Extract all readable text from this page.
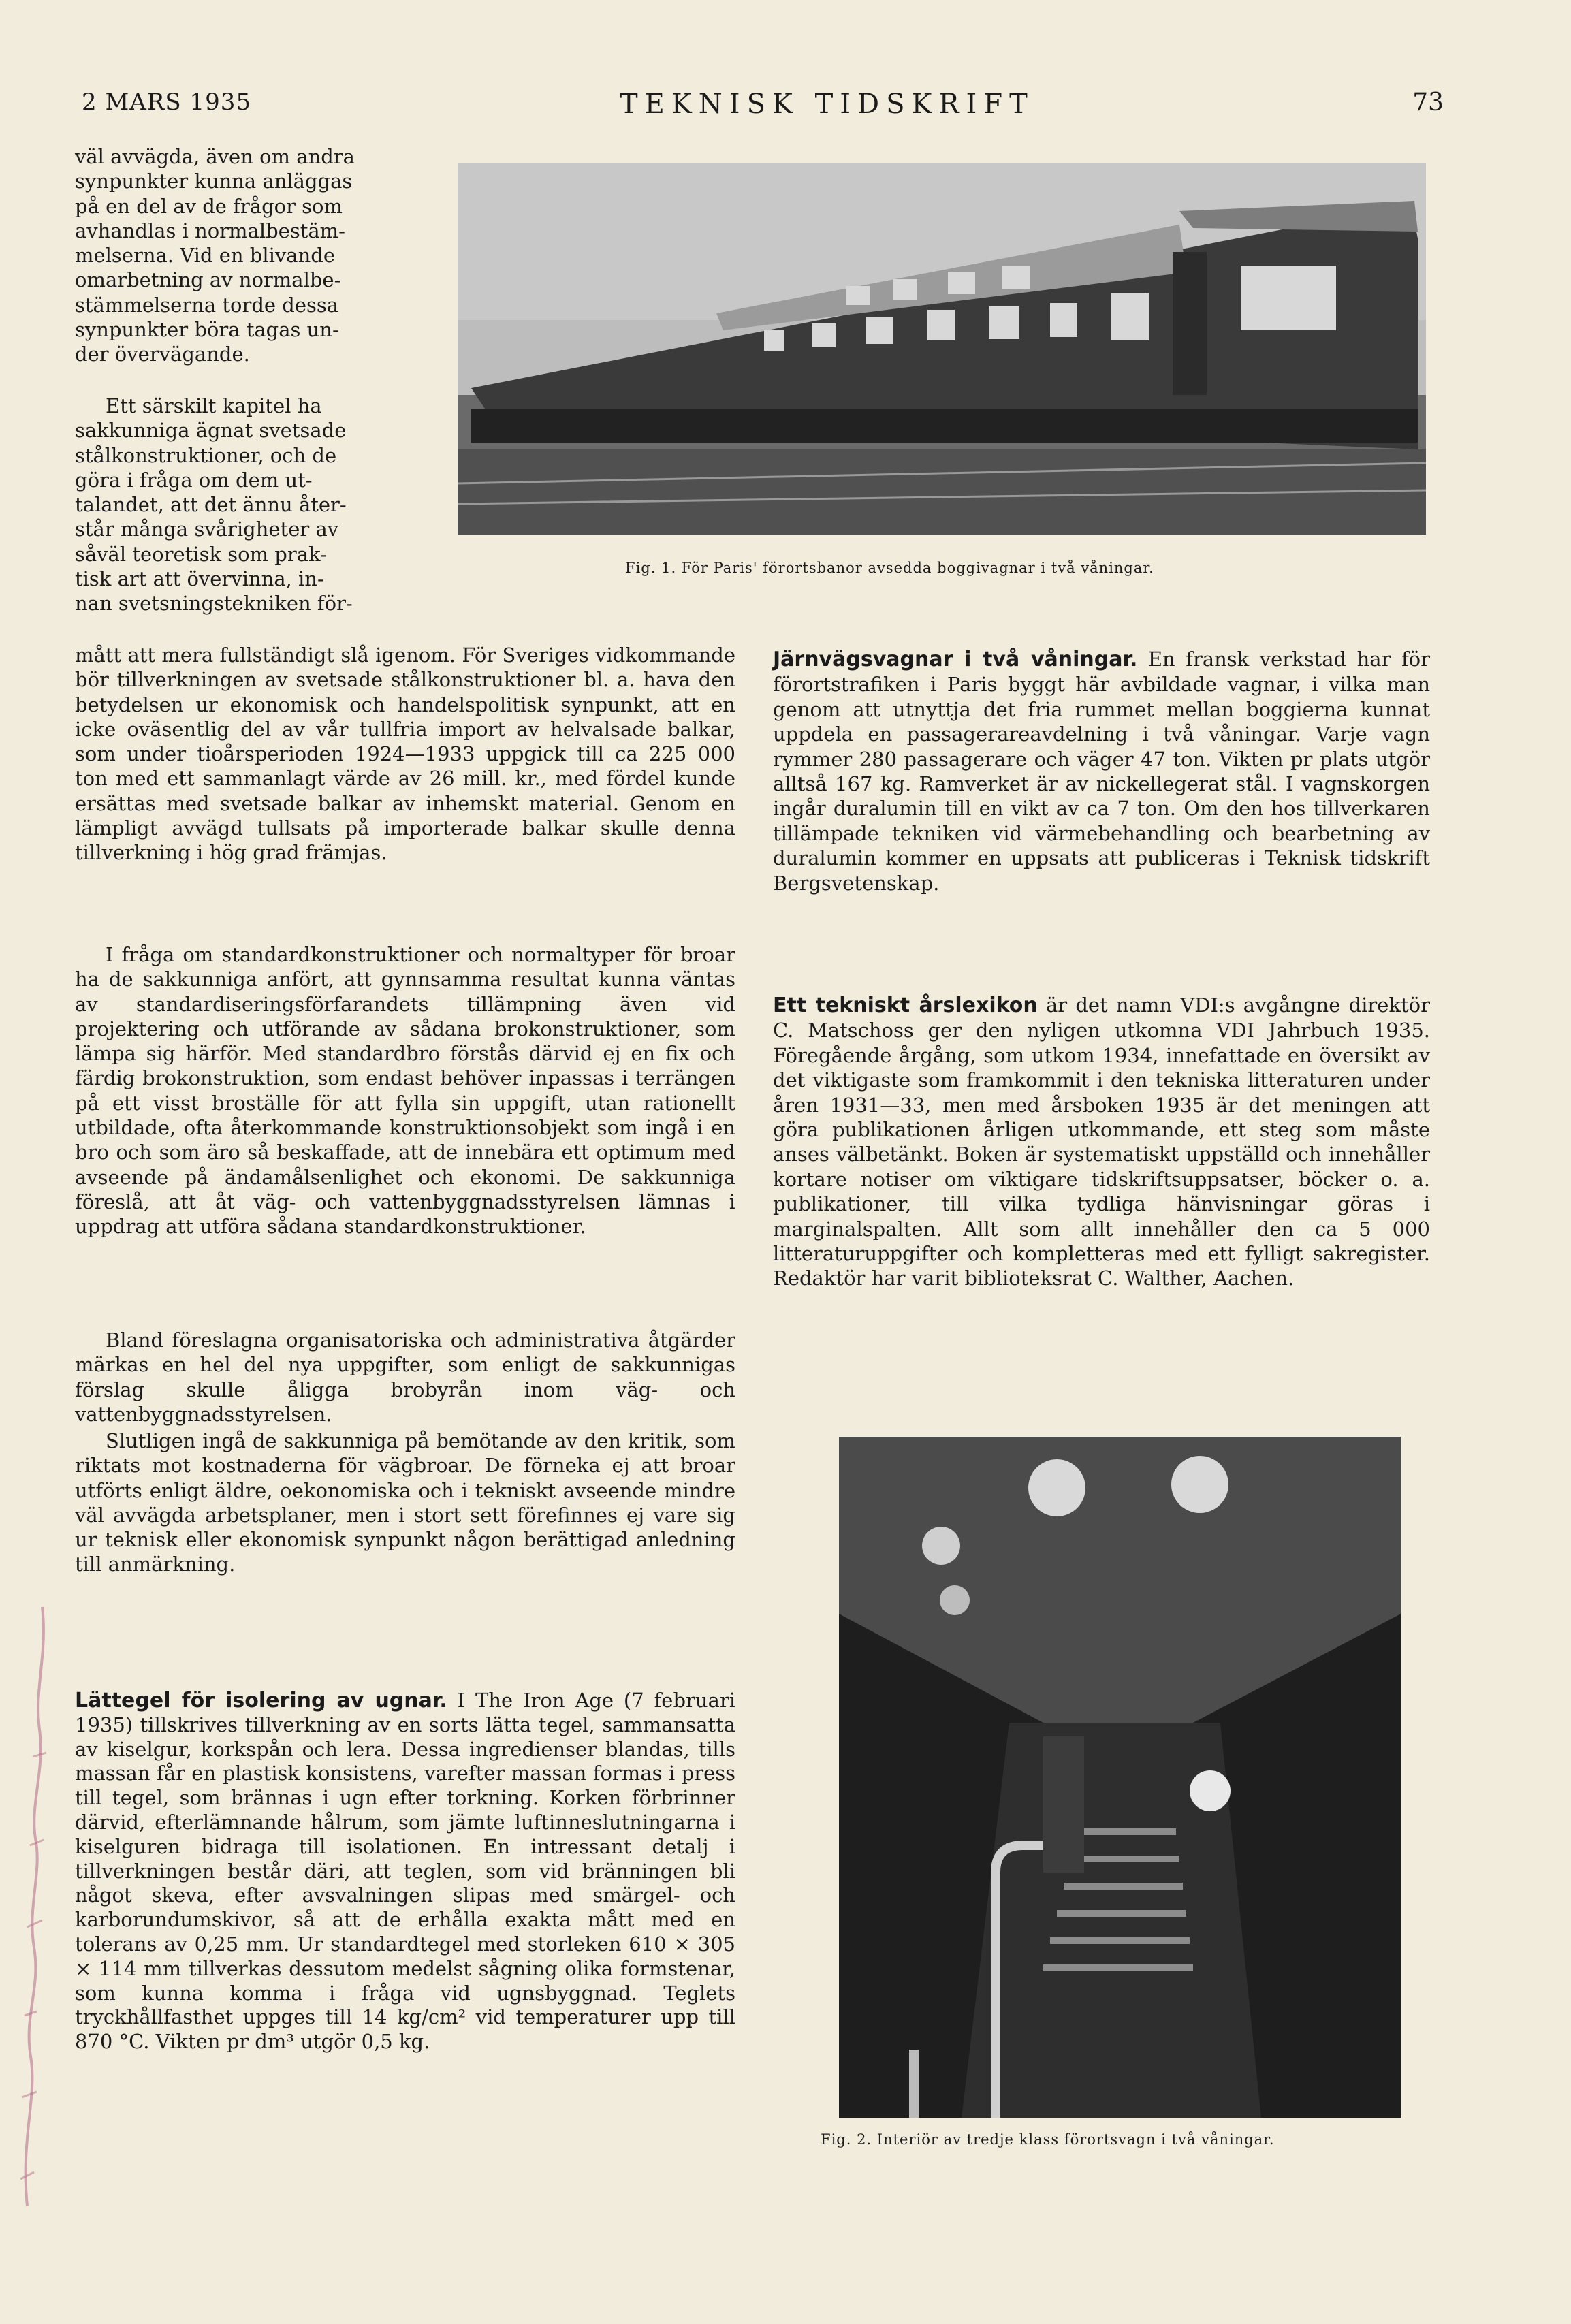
2 MARS 1935	TEKNISK TIDSKRIFT	73
väl avvägda, även om andra
synpunkter kunna anläggas
på en del av de frågor som
avhandlas i normalbestäm-
melserna. Vid en blivande
omarbetning av normalbe-
stämmelserna torde dessa
synpunkter böra tagas un-
der övervägande.
Ett särskilt kapitel ha
sakkunniga ägnat svetsade
stålkonstruktioner, och de
göra i fråga om dem ut-
talandet, att det ännu åter-
står många svårigheter av
såväl teoretisk som prak-
tisk art att övervinna, in-
nan svetsningstekniken för-

mått att mera fullständigt slå igenom. För Sveriges vidkommande bör tillverkningen av svetsade stålkonstruktioner bl. a. hava den betydelsen ur ekonomisk och handelspolitisk synpunkt, att en icke oväsentlig del av vår tullfria import av helvalsade balkar, som under tioårsperioden 1924—1933 uppgick till ca 225 000 ton med ett sammanlagt värde av 26 mill. kr., med fördel kunde ersättas med svetsade balkar av inhemskt material. Genom en lämpligt avvägd tullsats på importerade balkar skulle denna tillverkning i hög grad främjas.

I fråga om standardkonstruktioner och normaltyper för broar ha de sakkunniga anfört, att gynnsamma resultat kunna väntas av standardiseringsförfarandets tillämpning även vid projektering och utförande av sådana brokonstruktioner, som lämpa sig härför. Med standardbro förstås därvid ej en fix och färdig brokonstruktion, som endast behöver inpassas i terrängen på ett visst broställe för att fylla sin uppgift, utan rationellt utbildade, ofta återkommande konstruktionsobjekt som ingå i en bro och som äro så beskaffade, att de innebära ett optimum med avseende på ändamålsenlighet och ekonomi. De sakkunniga föreslå, att åt väg- och vattenbyggnadsstyrelsen lämnas i uppdrag att utföra sådana standardkonstruktioner.

Bland föreslagna organisatoriska och administrativa åtgärder märkas en hel del nya uppgifter, som enligt de sakkunnigas förslag skulle åligga brobyrån inom väg- och vattenbyggnadsstyrelsen.

Slutligen ingå de sakkunniga på bemötande av den kritik, som riktats mot kostnaderna för vägbroar. De förneka ej att broar utförts enligt äldre, oekonomiska och i tekniskt avseende mindre väl avvägda arbetsplaner, men i stort sett förefinnes ej vare sig ur teknisk eller ekonomisk synpunkt någon berättigad anledning till anmärkning.

Lättegel för isolering av ugnar. I The Iron Age (7 februari 1935) tillskrives tillverkning av en sorts lätta tegel, sammansatta av kiselgur, korkspån och lera. Dessa ingredienser blandas, tills massan får en plastisk konsistens, varefter massan formas i press till tegel, som brännas i ugn efter torkning. Korken förbrinner därvid, efterlämnande hålrum, som jämte luftinneslutningarna i kiselguren bidraga till isolationen. En intressant detalj i tillverkningen består däri, att teglen, som vid bränningen bli något skeva, efter avsvalningen slipas med smärgel- och karborundumskivor, så att de erhålla exakta mått med en tolerans av 0,25 mm. Ur standardtegel med storleken 610 × 305 × 114 mm tillverkas dessutom medelst sågning olika formstenar, som kunna komma i fråga vid ugnsbyggnad. Teglets tryckhållfasthet uppges till 14 kg/cm² vid temperaturer upp till 870 °C. Vikten pr dm³ utgör 0,5 kg.

Fig. 1. För Paris' förortsbanor avsedda boggivagnar i två våningar.

Järnvägsvagnar i två våningar. En fransk verkstad har för förortstrafiken i Paris byggt här avbildade vagnar, i vilka man genom att utnyttja det fria rummet mellan boggierna kunnat uppdela en passagerareavdelning i två våningar. Varje vagn rymmer 280 passagerare och väger 47 ton. Vikten pr plats utgör alltså 167 kg. Ramverket är av nickellegerat stål. I vagnskorgen ingår duralumin till en vikt av ca 7 ton. Om den hos tillverkaren tillämpade tekniken vid värmebehandling och bearbetning av duralumin kommer en uppsats att publiceras i Teknisk tidskrift Bergsvetenskap.

Ett tekniskt årslexikon är det namn VDI:s avgångne direktör C. Matschoss ger den nyligen utkomna VDI Jahrbuch 1935. Föregående årgång, som utkom 1934, innefattade en översikt av det viktigaste som framkommit i den tekniska litteraturen under åren 1931—33, men med årsboken 1935 är det meningen att göra publikationen årligen utkommande, ett steg som måste anses välbetänkt. Boken är systematiskt uppställd och innehåller kortare notiser om viktigare tidskriftsuppsatser, böcker o. a. publikationer, till vilka tydliga hänvisningar göras i marginalspalten. Allt som allt innehåller den ca 5 000 litteraturuppgifter och kompletteras med ett fylligt sakregister. Redaktör har varit biblioteksrat C. Walther, Aachen.

Fig. 2. Interiör av tredje klass förortsvagn i två våningar.
